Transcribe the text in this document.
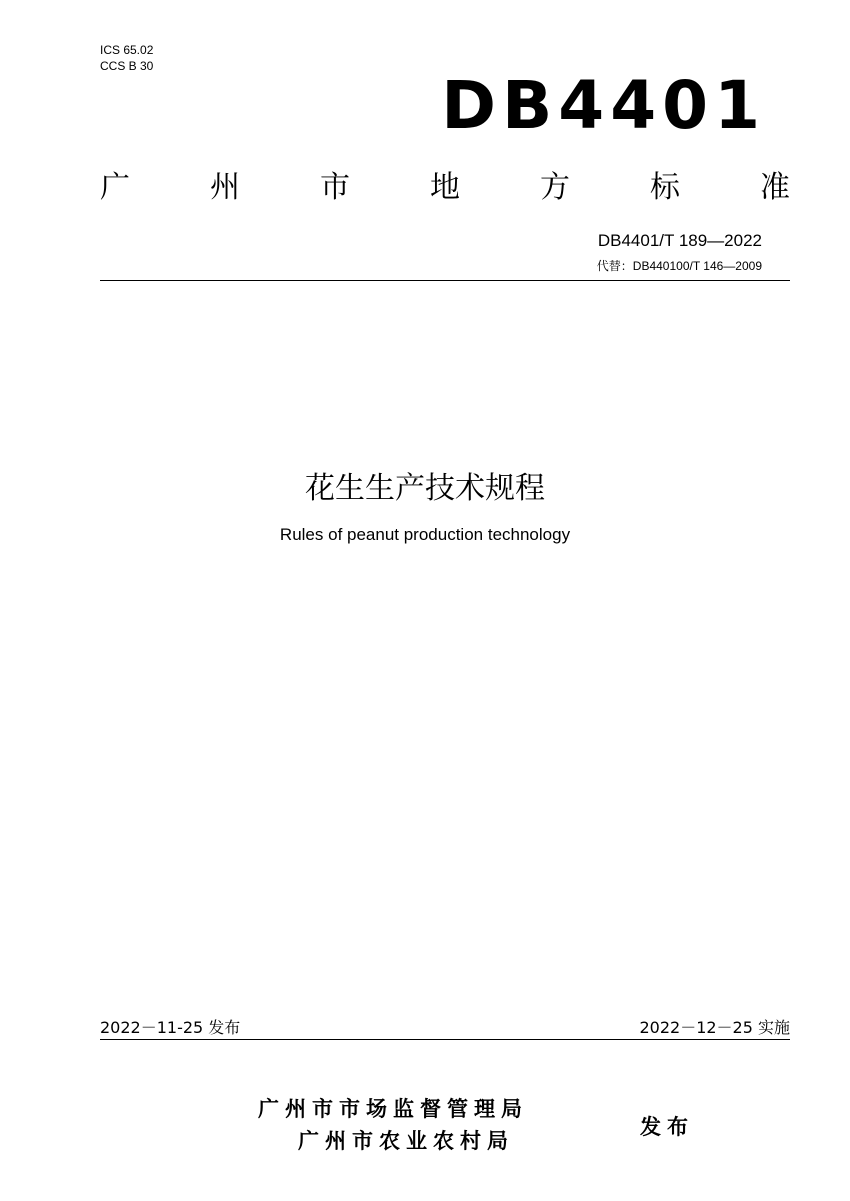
ICS 65.02
CCS B 30
DB4401
广	州	市	地	方	标	准
DB4401/T 189—2022
代替：DB440100/T 146—2009
花生生产技术规程
Rules of peanut production technology
2022－11-25 发布	2022－12－25 实施
广州市市场监督管理局
广州市农业农村局
发布
